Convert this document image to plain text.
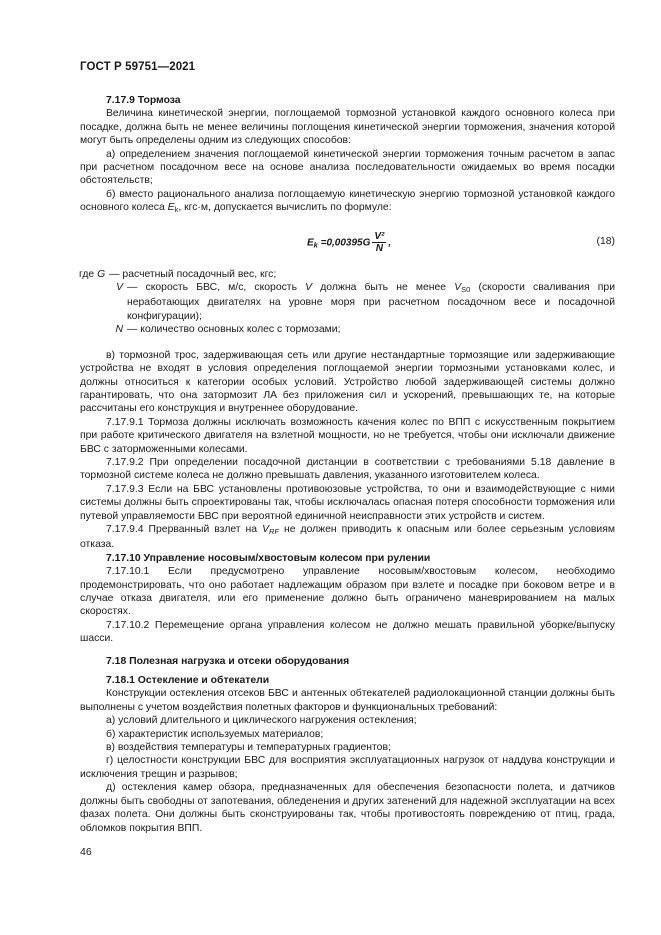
ГОСТ Р 59751—2021

7.17.9 Тормоза

Величина кинетической энергии, поглощаемой тормозной установкой каждого основного колеса при посадке, должна быть не менее величины поглощения кинетической энергии торможения, значения которой могут быть определены одним из следующих способов:

а) определением значения поглощаемой кинетической энергии торможения точным расчетом в запас при расчетном посадочном весе на основе анализа последовательности ожидаемых во время посадки обстоятельств;

б) вместо рационального анализа поглощаемую кинетическую энергию тормозной установкой каждого основного колеса $E_k$, кгс·м, допускается вычислить по формуле:

$E_k =0,00395G \frac{\text{V²}}{N}$ ,	(18)
где G — расчетный посадочный вес, кгс;
V — скорость БВС, м/с, скорость V должна быть не менее $V_{S0}$ (скорости сваливания при неработающих двигателях на уровне моря при расчетном посадочном весе и посадочной конфигурации);
N — количество основных колес с тормозами;

в) тормозной трос, задерживающая сеть или другие нестандартные тормозящие или задерживающие устройства не входят в условия определения поглощаемой энергии тормозными установками колес, и должны относиться к категории особых условий. Устройство любой задерживающей системы должно гарантировать, что она затормозит ЛА без приложения сил и ускорений, превышающих те, на которые рассчитаны его конструкция и внутреннее оборудование.

7.17.9.1 Тормоза должны исключать возможность качения колес по ВПП с искусственным покрытием при работе критического двигателя на взлетной мощности, но не требуется, чтобы они исключали движение БВС с заторможенными колесами.

7.17.9.2 При определении посадочной дистанции в соответствии с требованиями 5.18 давление в тормозной системе колеса не должно превышать давления, указанного изготовителем колеса.

7.17.9.3 Если на БВС установлены противоюзовые устройства, то они и взаимодействующие с ними системы должны быть спроектированы так, чтобы исключалась опасная потеря способности торможения или путевой управляемости БВС при вероятной единичной неисправности этих устройств и систем.

7.17.9.4 Прерванный взлет на $V_{RF}$ не должен приводить к опасным или более серьезным условиям отказа.

7.17.10 Управление носовым/хвостовым колесом при рулении

7.17.10.1 Если предусмотрено управление носовым/хвостовым колесом, необходимо продемонстрировать, что оно работает надлежащим образом при взлете и посадке при боковом ветре и в случае отказа двигателя, или его применение должно быть ограничено маневрированием на малых скоростях.

7.17.10.2 Перемещение органа управления колесом не должно мешать правильной уборке/выпуску шасси.

7.18 Полезная нагрузка и отсеки оборудования

7.18.1 Остекление и обтекатели

Конструкции остекления отсеков БВС и антенных обтекателей радиолокационной станции должны быть выполнены с учетом воздействия полетных факторов и функциональных требований:

а) условий длительного и циклического нагружения остекления;

б) характеристик используемых материалов;

в) воздействия температуры и температурных градиентов;

г) целостности конструкции БВС для восприятия эксплуатационных нагрузок от наддува конструкции и исключения трещин и разрывов;

д) остекления камер обзора, предназначенных для обеспечения безопасности полета, и датчиков должны быть свободны от запотевания, обледенения и других затенений для надежной эксплуатации на всех фазах полета. Они должны быть сконструированы так, чтобы противостоять повреждению от птиц, града, обломков покрытия ВПП.

46
